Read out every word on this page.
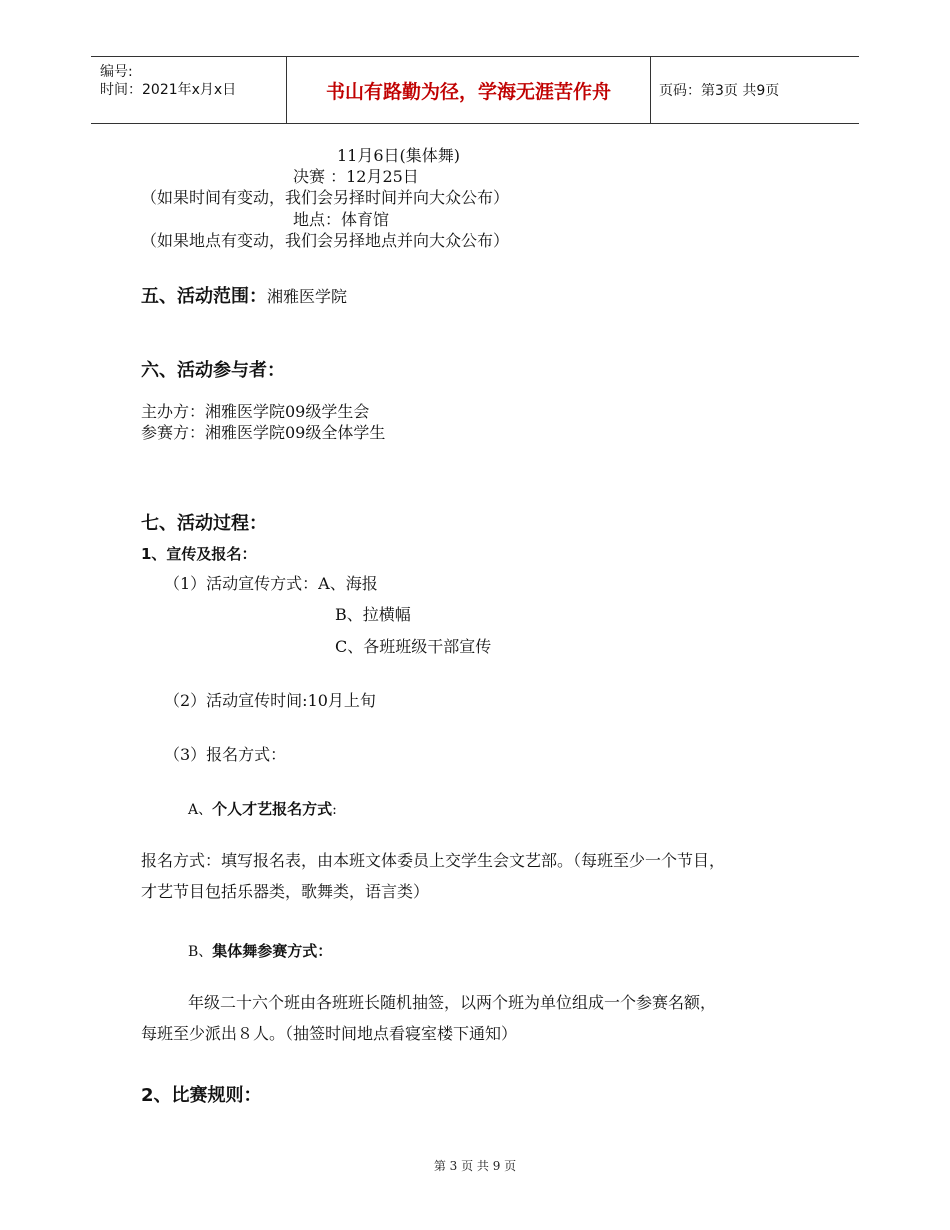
编号:
时间：2021年x月x日	书山有路勤为径，学海无涯苦作舟	页码：第3页 共9页
11月6日(集体舞)
决赛 ：12月25日
（如果时间有变动，我们会另择时间并向大众公布）
地点：体育馆
（如果地点有变动，我们会另择地点并向大众公布）
五、活动范围：湘雅医学院
六、活动参与者：
主办方：湘雅医学院09级学生会
参赛方：湘雅医学院09级全体学生
七、活动过程：
1、宣传及报名：
（1）活动宣传方式：A、海报
B、拉横幅
C、各班班级干部宣传
（2）活动宣传时间:10月上旬
（3）报名方式：
A、个人才艺报名方式:
报名方式：填写报名表，由本班文体委员上交学生会文艺部。（每班至少一个节目，
才艺节目包括乐器类，歌舞类，语言类）
B、集体舞参赛方式：
年级二十六个班由各班班长随机抽签，以两个班为单位组成一个参赛名额，
每班至少派出８人。（抽签时间地点看寝室楼下通知）
2、比赛规则：
第 3 页 共 9 页
